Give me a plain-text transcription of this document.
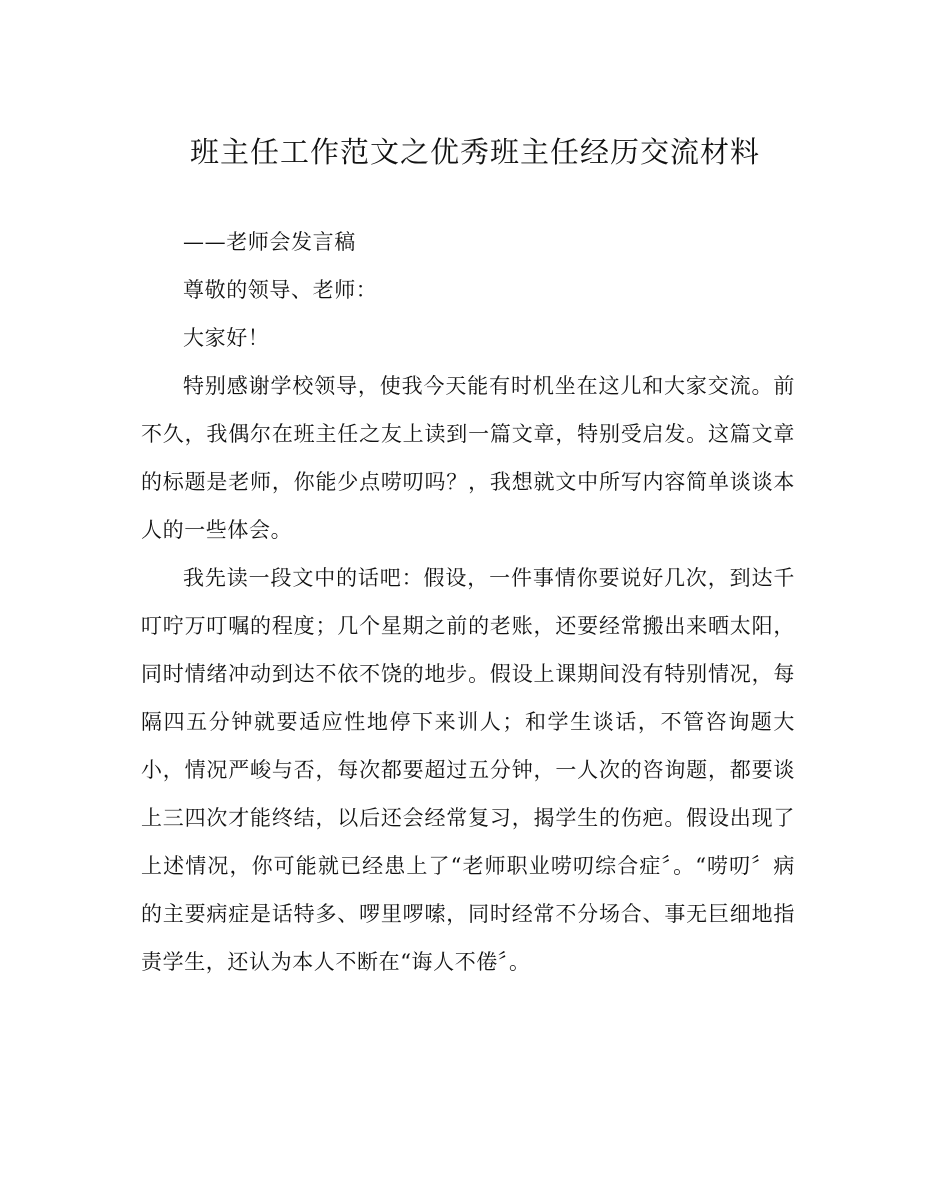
班主任工作范文之优秀班主任经历交流材料

——老师会发言稿

尊敬的领导、老师：

大家好！

特别感谢学校领导，使我今天能有时机坐在这儿和大家交流。前不久，我偶尔在班主任之友上读到一篇文章，特别受启发。这篇文章的标题是老师，你能少点唠叨吗？，我想就文中所写内容简单谈谈本人的一些体会。

我先读一段文中的话吧：假设，一件事情你要说好几次，到达千叮咛万叮嘱的程度；几个星期之前的老账，还要经常搬出来晒太阳，同时情绪冲动到达不依不饶的地步。假设上课期间没有特别情况，每隔四五分钟就要适应性地停下来训人；和学生谈话，不管咨询题大小，情况严峻与否，每次都要超过五分钟，一人次的咨询题，都要谈上三四次才能终结，以后还会经常复习，揭学生的伤疤。假设出现了上述情况，你可能就已经患上了“老师职业唠叨综合症〞。“唠叨〞病的主要病症是话特多、啰里啰嗦，同时经常不分场合、事无巨细地指责学生，还认为本人不断在“诲人不倦〞。
